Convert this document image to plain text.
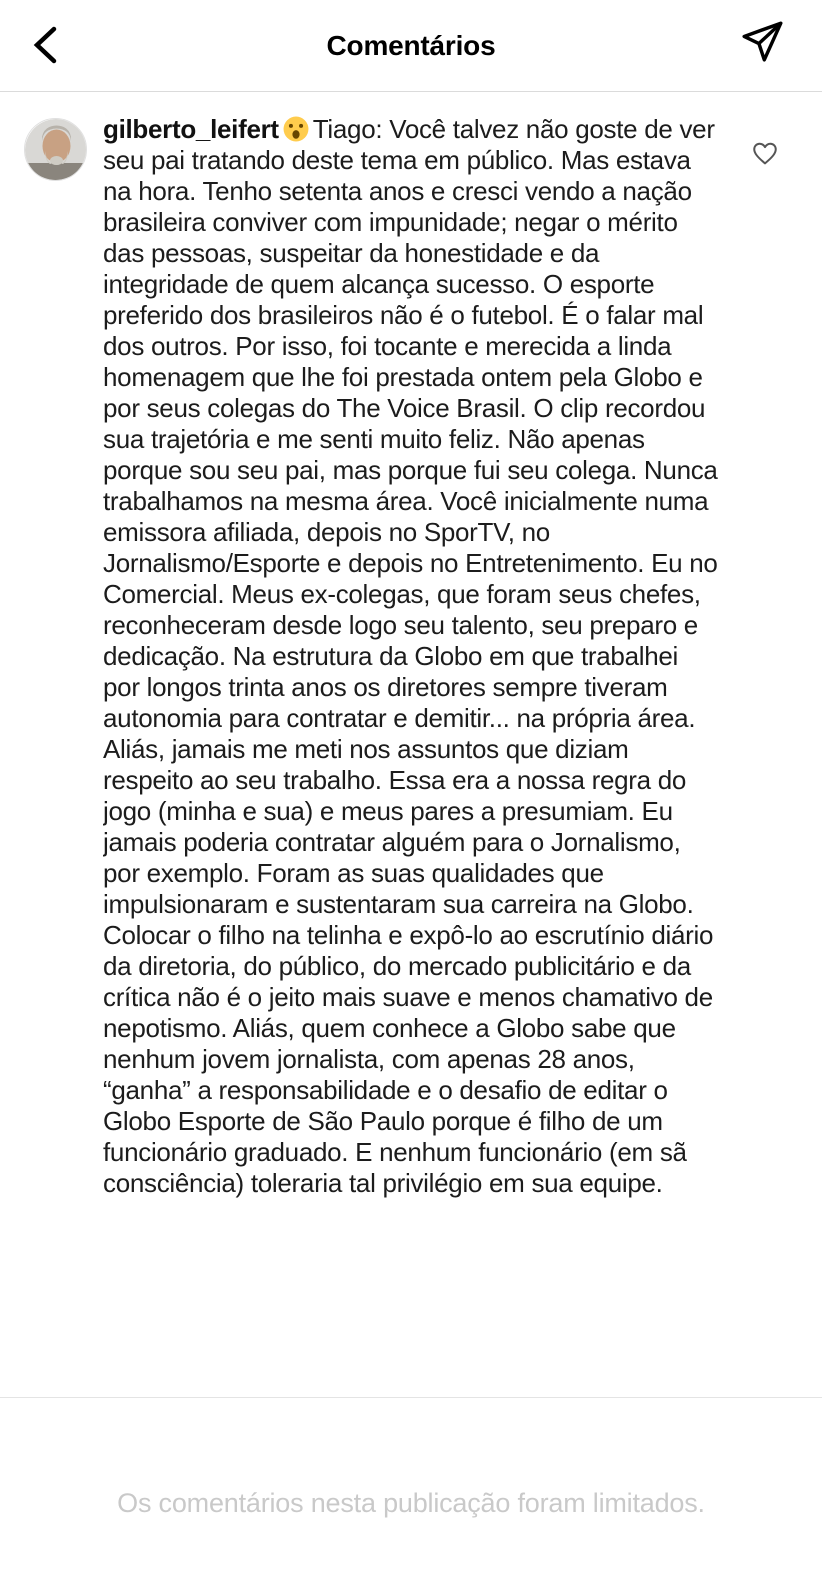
Comentários
gilberto_leifert Tiago: Você talvez não goste de ver seu pai tratando deste tema em público. Mas estava na hora. Tenho setenta anos e cresci vendo a nação brasileira conviver com impunidade; negar o mérito das pessoas, suspeitar da honestidade e da integridade de quem alcança sucesso. O esporte preferido dos brasileiros não é o futebol. É o falar mal dos outros. Por isso, foi tocante e merecida a linda homenagem que lhe foi prestada ontem pela Globo e por seus colegas do The Voice Brasil. O clip recordou sua trajetória e me senti muito feliz. Não apenas porque sou seu pai, mas porque fui seu colega. Nunca trabalhamos na mesma área. Você inicialmente numa emissora afiliada, depois no SporTV, no Jornalismo/Esporte e depois no Entretenimento. Eu no Comercial. Meus ex-colegas, que foram seus chefes, reconheceram desde logo seu talento, seu preparo e dedicação. Na estrutura da Globo em que trabalhei por longos trinta anos os diretores sempre tiveram autonomia para contratar e demitir... na própria área. Aliás, jamais me meti nos assuntos que diziam respeito ao seu trabalho. Essa era a nossa regra do jogo (minha e sua) e meus pares a presumiam. Eu jamais poderia contratar alguém para o Jornalismo, por exemplo. Foram as suas qualidades que impulsionaram e sustentaram sua carreira na Globo. Colocar o filho na telinha e expô-lo ao escrutínio diário da diretoria, do público, do mercado publicitário e da crítica não é o jeito mais suave e menos chamativo de nepotismo. Aliás, quem conhece a Globo sabe que nenhum jovem jornalista, com apenas 28 anos, “ganha” a responsabilidade e o desafio de editar o Globo Esporte de São Paulo porque é filho de um funcionário graduado. E nenhum funcionário (em sã consciência) toleraria tal privilégio em sua equipe.
Os comentários nesta publicação foram limitados.
